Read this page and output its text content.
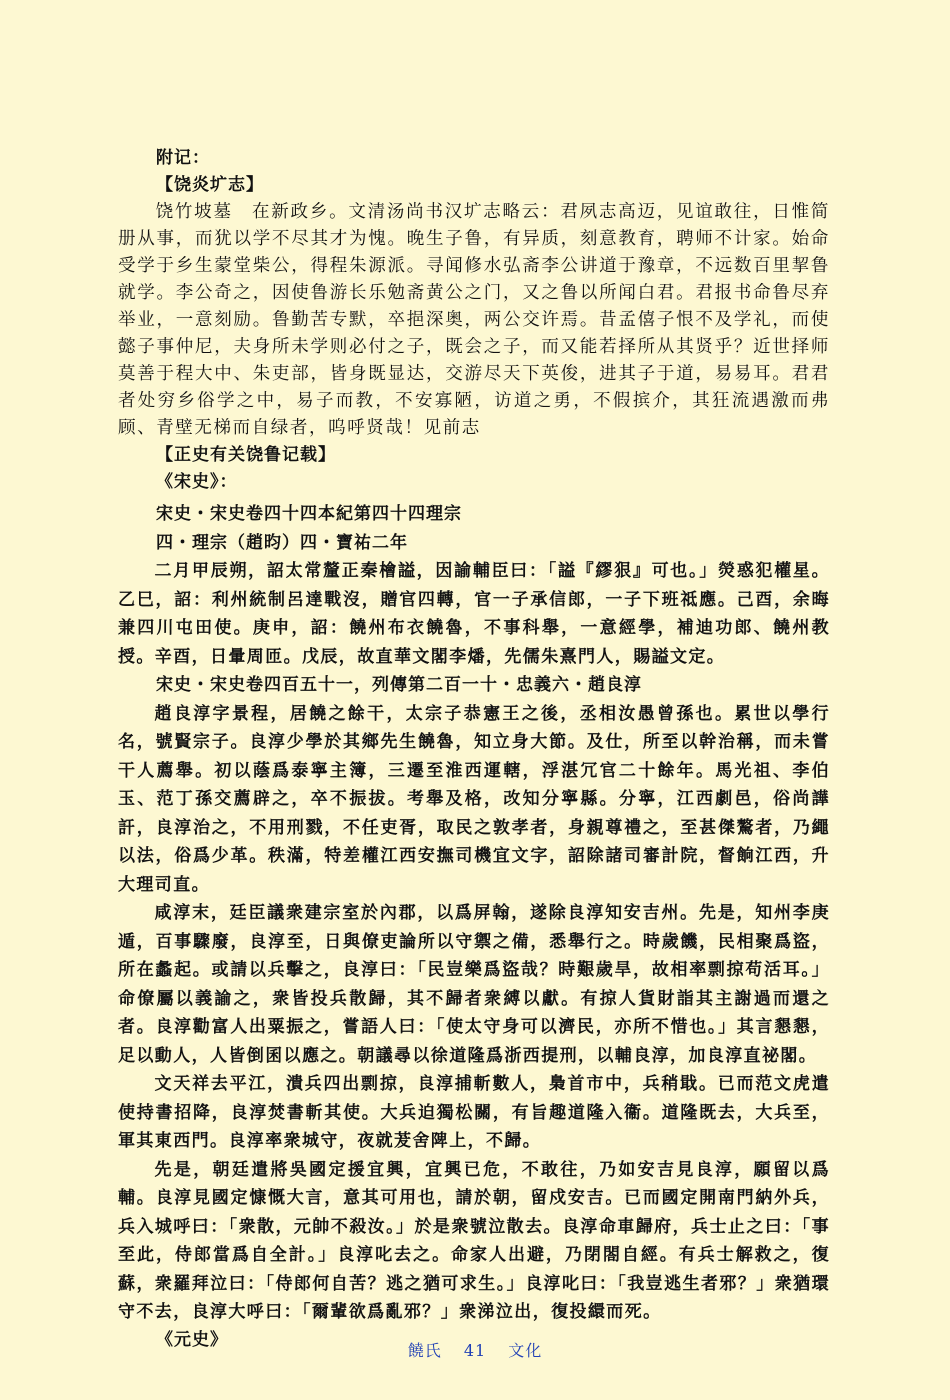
附记：

【饶炎圹志】

饶竹坡墓　在新政乡。文清汤尚书汉圹志略云：君夙志高迈，见谊敢往，日惟简册从事，而犹以学不尽其才为愧。晚生子鲁，有异质，刻意教育，聘师不计家。始命受学于乡生蒙堂柴公，得程朱源派。寻闻修水弘斋李公讲道于豫章，不远数百里挈鲁就学。李公奇之，因使鲁游长乐勉斋黄公之门，又之鲁以所闻白君。君报书命鲁尽弃举业，一意刻励。鲁勤苦专默，卒挹深奥，两公交许焉。昔孟僖子恨不及学礼，而使懿子事仲尼，夫身所未学则必付之子，既会之子，而又能若择所从其贤乎？近世择师莫善于程大中、朱吏部，皆身既显达，交游尽天下英俊，进其子于道，易易耳。君君者处穷乡俗学之中，易子而教，不安寡陋，访道之勇，不假摈介，其狂流遇激而弗顾、青壁无梯而自绿者，呜呼贤哉！见前志

【正史有关饶鲁记载】

《宋史》：

宋史・宋史卷四十四本紀第四十四理宗

四・理宗（趙昀）四・寶祐二年

二月甲辰朔，詔太常釐正秦檜謚，因諭輔臣曰：「謚『繆狠』可也。」熒惑犯權星。乙巳，詔：利州統制呂達戰沒，贈官四轉，官一子承信郎，一子下班祗應。己酉，余晦兼四川屯田使。庚申，詔：饒州布衣饒魯，不事科舉，一意經學，補迪功郎、饒州教授。辛酉，日暈周匝。戊辰，故直華文閣李燔，先儒朱熹門人，賜謚文定。

宋史・宋史卷四百五十一，列傳第二百一十・忠義六・趙良淳

趙良淳字景程，居饒之餘干，太宗子恭憲王之後，丞相汝愚曾孫也。累世以學行名，號賢宗子。良淳少學於其鄉先生饒魯，知立身大節。及仕，所至以幹治稱，而未嘗干人薦舉。初以蔭爲泰寧主簿，三遷至淮西運轄，浮湛冗官二十餘年。馬光祖、李伯玉、范丁孫交薦辟之，卒不振拔。考舉及格，改知分寧縣。分寧，江西劇邑，俗尚譁訐，良淳治之，不用刑戮，不任吏胥，取民之敦孝者，身親尊禮之，至甚傑驁者，乃繩以法，俗爲少革。秩滿，特差權江西安撫司機宜文字，詔除諸司審計院，督餉江西，升大理司直。

咸淳末，廷臣議衆建宗室於內郡，以爲屏翰，遂除良淳知安吉州。先是，知州李庚遁，百事驟廢，良淳至，日與僚吏論所以守禦之備，悉舉行之。時歲饑，民相聚爲盜，所在蠡起。或請以兵擊之，良淳曰：「民豈樂爲盜哉？時艱歲旱，故相率剽掠苟活耳。」命僚屬以義諭之，衆皆投兵散歸，其不歸者衆縛以獻。有掠人貨財詣其主謝過而還之者。良淳勸富人出粟振之，嘗語人曰：「使太守身可以濟民，亦所不惜也。」其言懇懇，足以動人，人皆倒囷以應之。朝議尋以徐道隆爲浙西提刑，以輔良淳，加良淳直祕閣。

文天祥去平江，潰兵四出剽掠，良淳捕斬數人，梟首市中，兵稍戢。已而范文虎遣使持書招降，良淳焚書斬其使。大兵迫獨松關，有旨趣道隆入衞。道隆既去，大兵至，軍其東西門。良淳率衆城守，夜就茇舍陴上，不歸。

先是，朝廷遣將吳國定援宜興，宜興已危，不敢往，乃如安吉見良淳，願留以爲輔。良淳見國定慷慨大言，意其可用也，請於朝，留戍安吉。已而國定開南門納外兵，兵入城呼曰：「衆散，元帥不殺汝。」於是衆號泣散去。良淳命車歸府，兵士止之曰：「事至此，侍郎當爲自全計。」良淳叱去之。命家人出避，乃閉閤自經。有兵士解救之，復蘇，衆羅拜泣曰：「侍郎何自苦？逃之猶可求生。」良淳叱曰：「我豈逃生者邪？」衆猶環守不去，良淳大呼曰：「爾輩欲爲亂邪？」衆涕泣出，復投繯而死。

《元史》

饒氏 41 文化
